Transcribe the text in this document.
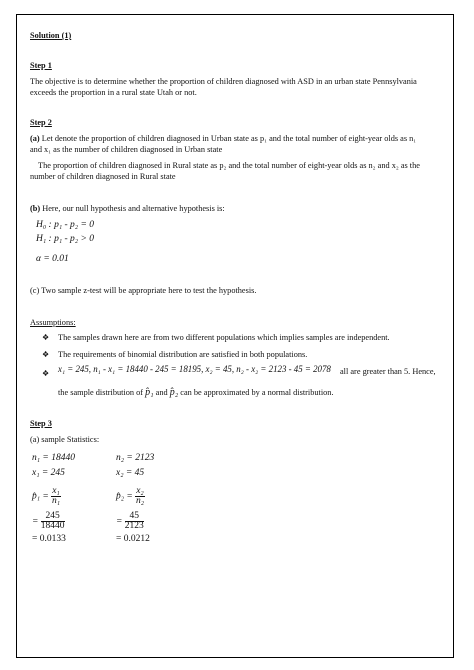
Solution (1)
Step 1
The objective is to determine whether the proportion of children diagnosed with ASD in an urban state Pennsylvania
exceeds the proportion in a rural state Utah or not.
Step 2
(a) Let denote the proportion of children diagnosed in Urban state as p₁ and the total number of eight-year olds as n₁
and x₁ as the number of children diagnosed in Urban state
The proportion of children diagnosed in Rural state as p₂ and the total number of eight-year olds as n₂ and x₂ as the
number of children diagnosed in Rural state
(b) Here, our null hypothesis and alternative hypothesis is:
H₀ : p₁ - p₂ = 0
H₁ : p₁ - p₂ > 0
α = 0.01
(c) Two sample z-test will be appropriate here to test the hypothesis.
Assumptions:
❖ The samples drawn here are from two different populations which implies samples are independent.
❖ The requirements of binomial distribution are satisfied in both populations.
❖ x₁ = 245, n₁ - x₁ = 18440 - 245 = 18195, x₂ = 45, n₂ - x₂ = 2123 - 45 = 2078 all are greater than 5. Hence,
the sample distribution of p̂₁ and p̂₂ can be approximated by a normal distribution.
Step 3
(a) sample Statistics:
n₁ = 18440	n₂ = 2123
x₁ = 245	x₂ = 45
p̂₁ = $\frac{\text{x₁}}{\text{n₁}}$	p̂₂ = $\frac{\text{x₂}}{\text{n₂}}$
= $\frac{245}{18440}$	= $\frac{45}{2123}$
= 0.0133	= 0.0212
